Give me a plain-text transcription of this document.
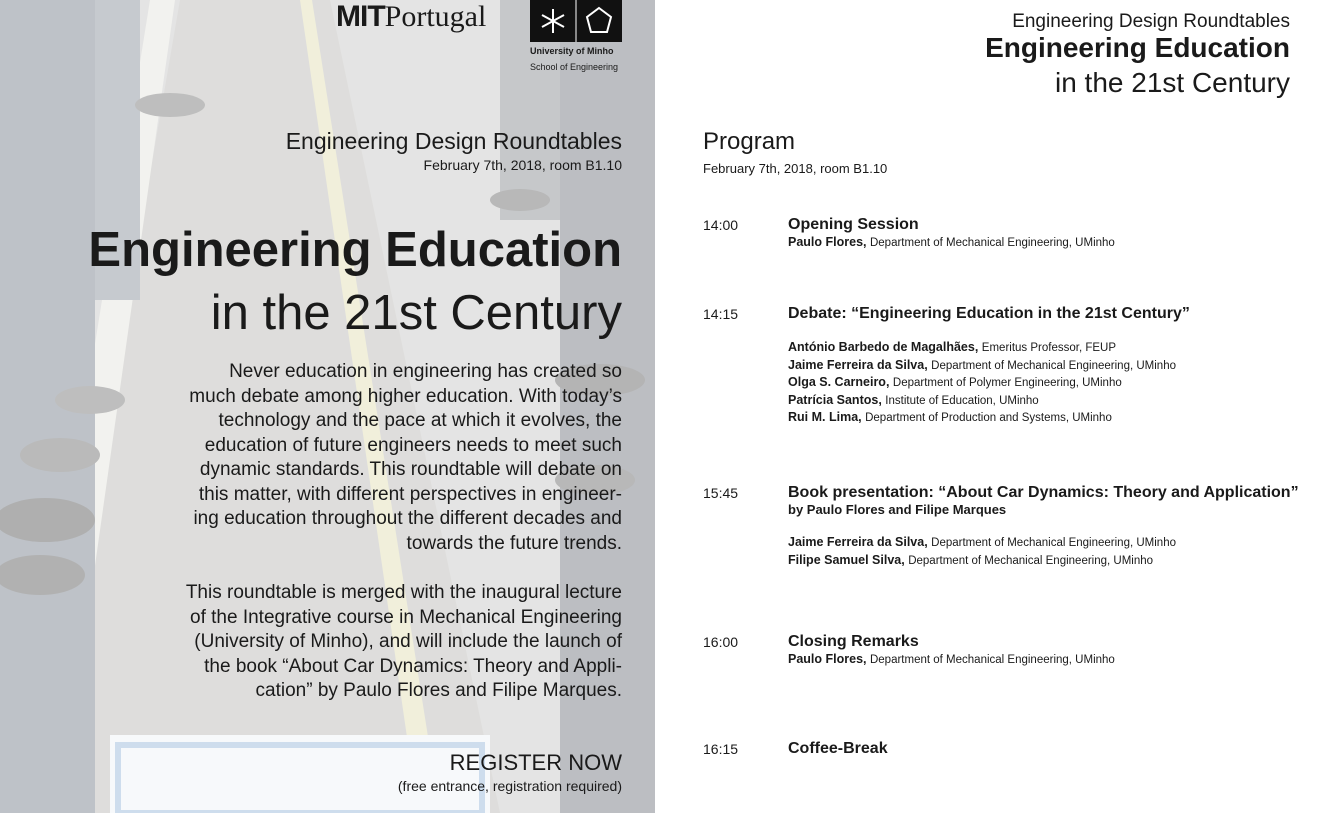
MITPortugal
University of Minho
School of Engineering
Engineering Design Roundtables
February 7th, 2018, room B1.10
Engineering Education
in the 21st Century
Never education in engineering has created so
much debate among higher education. With today’s
technology and the pace at which it evolves, the
education of future engineers needs to meet such
dynamic standards. This roundtable will debate on
this matter, with different perspectives in engineer-
ing education throughout the different decades and
towards the future trends.
This roundtable is merged with the inaugural lecture
of the Integrative course in Mechanical Engineering
(University of Minho), and will include the launch of
the book “About Car Dynamics: Theory and Appli-
cation” by Paulo Flores and Filipe Marques.
REGISTER NOW
(free entrance, registration required)
Engineering Design Roundtables
Engineering Education
in the 21st Century
Program
February 7th, 2018, room B1.10
14:00	Opening Session
Paulo Flores, Department of Mechanical Engineering, UMinho
14:15	Debate: “Engineering Education in the 21st Century”
António Barbedo de Magalhães, Emeritus Professor, FEUP
Jaime Ferreira da Silva, Department of Mechanical Engineering, UMinho
Olga S. Carneiro, Department of Polymer Engineering, UMinho
Patrícia Santos, Institute of Education, UMinho
Rui M. Lima, Department of Production and Systems, UMinho
15:45	Book presentation: “About Car Dynamics: Theory and Application”
by Paulo Flores and Filipe Marques
Jaime Ferreira da Silva, Department of Mechanical Engineering, UMinho
Filipe Samuel Silva, Department of Mechanical Engineering, UMinho
16:00	Closing Remarks
Paulo Flores, Department of Mechanical Engineering, UMinho
16:15	Coffee-Break
